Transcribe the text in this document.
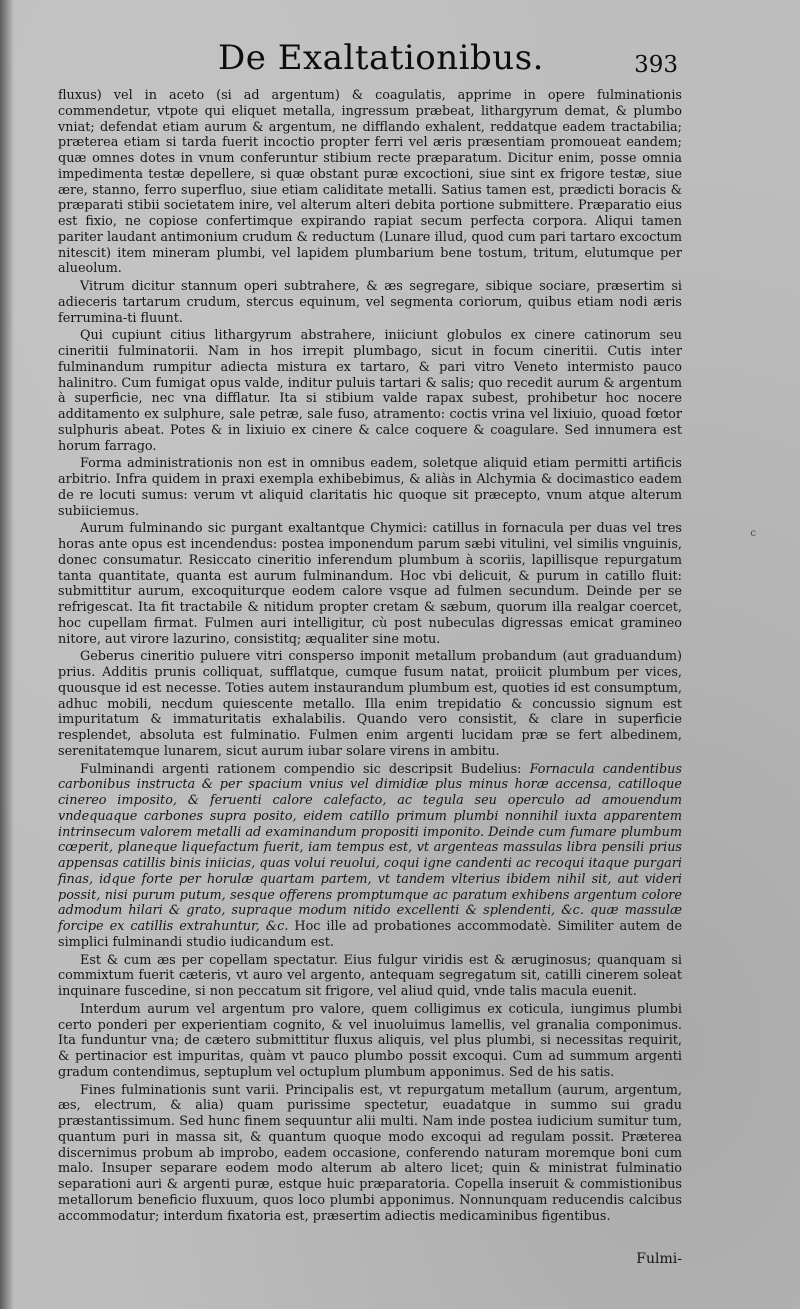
De Exaltationibus.	393

fluxus) vel in aceto (si ad argentum) & coagulatis, apprime in opere fulminationis commendetur, vtpote qui eliquet metalla, ingressum præbeat, lithargyrum demat, & plumbo vniat; defendat etiam aurum & argentum, ne difflando exhalent, reddatque eadem tractabilia; præterea etiam si tarda fuerit incoctio propter ferri vel æris præsentiam promoueat eandem; quæ omnes dotes in vnum conferuntur stibium recte præparatum. Dicitur enim, posse omnia impedimenta testæ depellere, si quæ obstant puræ excoctioni, siue sint ex frigore testæ, siue ære, stanno, ferro superfluo, siue etiam caliditate metalli. Satius tamen est, prædicti boracis & præparati stibii societatem inire, vel alterum alteri debita portione submittere. Præparatio eius est fixio, ne copiose confertimque expirando rapiat secum perfecta corpora. Aliqui tamen pariter laudant antimonium crudum & reductum (Lunare illud, quod cum pari tartaro excoctum nitescit) item mineram plumbi, vel lapidem plumbarium bene tostum, tritum, elutumque per alueolum.

Vitrum dicitur stannum operi subtrahere, & æs segregare, sibique sociare, præsertim si adieceris tartarum crudum, stercus equinum, vel segmenta coriorum, quibus etiam nodi æris ferrumina-ti fluunt.

Qui cupiunt citius lithargyrum abstrahere, iniiciunt globulos ex cinere catinorum seu cineritii fulminatorii. Nam in hos irrepit plumbago, sicut in focum cineritii. Cutis inter fulminandum rumpitur adiecta mistura ex tartaro, & pari vitro Veneto intermisto pauco halinitro. Cum fumigat opus valde, inditur puluis tartari & salis; quo recedit aurum & argentum à superficie, nec vna difflatur. Ita si stibium valde rapax subest, prohibetur hoc nocere additamento ex sulphure, sale petræ, sale fuso, atramento: coctis vrina vel lixiuio, quoad fœtor sulphuris abeat. Potes & in lixiuio ex cinere & calce coquere & coagulare. Sed innumera est horum farrago.

Forma administrationis non est in omnibus eadem, soletque aliquid etiam permitti artificis arbitrio. Infra quidem in praxi exempla exhibebimus, & aliàs in Alchymia & docimastico eadem de re locuti sumus: verum vt aliquid claritatis hic quoque sit præcepto, vnum atque alterum subiiciemus.

Aurum fulminando sic purgant exaltantque Chymici: catillus in fornacula per duas vel tres horas ante opus est incendendus: postea imponendum parum sæbi vitulini, vel similis vnguinis, donec consumatur. Resiccato cineritio inferendum plumbum à scoriis, lapillisque repurgatum tanta quantitate, quanta est aurum fulminandum. Hoc vbi delicuit, & purum in catillo fluit: submittitur aurum, excoquiturque eodem calore vsque ad fulmen secundum. Deinde per se refrigescat. Ita fit tractabile & nitidum propter cretam & sæbum, quorum illa realgar coercet, hoc cupellam firmat. Fulmen auri intelligitur, cù post nubeculas digressas emicat gramineo nitore, aut virore lazurino, consistitq; æqualiter sine motu.

Geberus cineritio puluere vitri conspersο imponit metallum probandum (aut graduandum) prius. Additis prunis colliquat, sufflatque, cumque fusum natat, proiicit plumbum per vices, quousque id est necesse. Toties autem instaurandum plumbum est, quoties id est consumptum, adhuc mobili, necdum quiescente metallo. Illa enim trepidatio & concussio signum est impuritatum & immaturitatis exhalabilis. Quando vero consistit, & clare in superficie resplendet, absoluta est fulminatio. Fulmen enim argenti lucidam præ se fert albedinem, serenitatemque lunarem, sicut aurum iubar solare virens in ambitu.

Fulminandi argenti rationem compendio sic descripsit Budelius: Fornacula candentibus carbonibus instructa & per spacium vnius vel dimidiæ plus minus horæ accensa, catilloque cinereo imposito, & feruenti calore calefacto, ac tegula seu operculo ad amouendum vndequaque carbones supra posito, eidem catillo primum plumbi nonnihil iuxta apparentem intrinsecum valorem metalli ad examinandum propositi imponito. Deinde cum fumare plumbum cœperit, planeque liquefactum fuerit, iam tempus est, vt argenteas massulas libra pensili prius appensas catillis binis iniicias, quas volui reuolui, coqui igne candenti ac recoqui itaque purgari finas, idque forte per horulæ quartam partem, vt tandem vlterius ibidem nihil sit, aut videri possit, nisi purum putum, sesque offerens promptumque ac paratum exhibens argentum colore admodum hilari & grato, supraque modum nitido excellenti & splendenti, &c. quæ massulæ forcipe ex catillis extrahuntur, &c. Hoc ille ad probationes accommodatè. Similiter autem de simplici fulminandi studio iudicandum est.

Est & cum æs per copellam spectatur. Eius fulgur viridis est & æruginosus; quanquam si commixtum fuerit cæteris, vt auro vel argento, antequam segregatum sit, catilli cinerem soleat inquinare fuscedine, si non peccatum sit frigore, vel aliud quid, vnde talis macula euenit.

Interdum aurum vel argentum pro valore, quem colligimus ex coticula, iungimus plumbi certo ponderi per experientiam cognito, & vel inuoluimus lamellis, vel granalia componimus. Ita funduntur vna; de cætero submittitur fluxus aliquis, vel plus plumbi, si necessitas requirit, & pertinacior est impuritas, quàm vt pauco plumbo possit excoqui. Cum ad summum argenti gradum contendimus, septuplum vel octuplum plumbum apponimus. Sed de his satis.

Fines fulminationis sunt varii. Principalis est, vt repurgatum metallum (aurum, argentum, æs, electrum, & alia) quam purissime spectetur, euadatque in summo sui gradu præstantissimum. Sed hunc finem sequuntur alii multi. Nam inde postea iudicium sumitur tum, quantum puri in massa sit, & quantum quoque modo excoqui ad regulam possit. Præterea discernimus probum ab improbo, eadem occasione, conferendo naturam moremque boni cum malo. Insuper separare eodem modo alterum ab altero licet; quin & ministrat fulminatio separationi auri & argenti puræ, estque huic præparatoria. Copella inseruit & commistionibus metallorum beneficio fluxuum, quos loco plumbi apponimus. Nonnunquam reducendis calcibus accommodatur; interdum fixatoria est, præsertim adiectis medicaminibus figentibus.

c
Fulmi-
